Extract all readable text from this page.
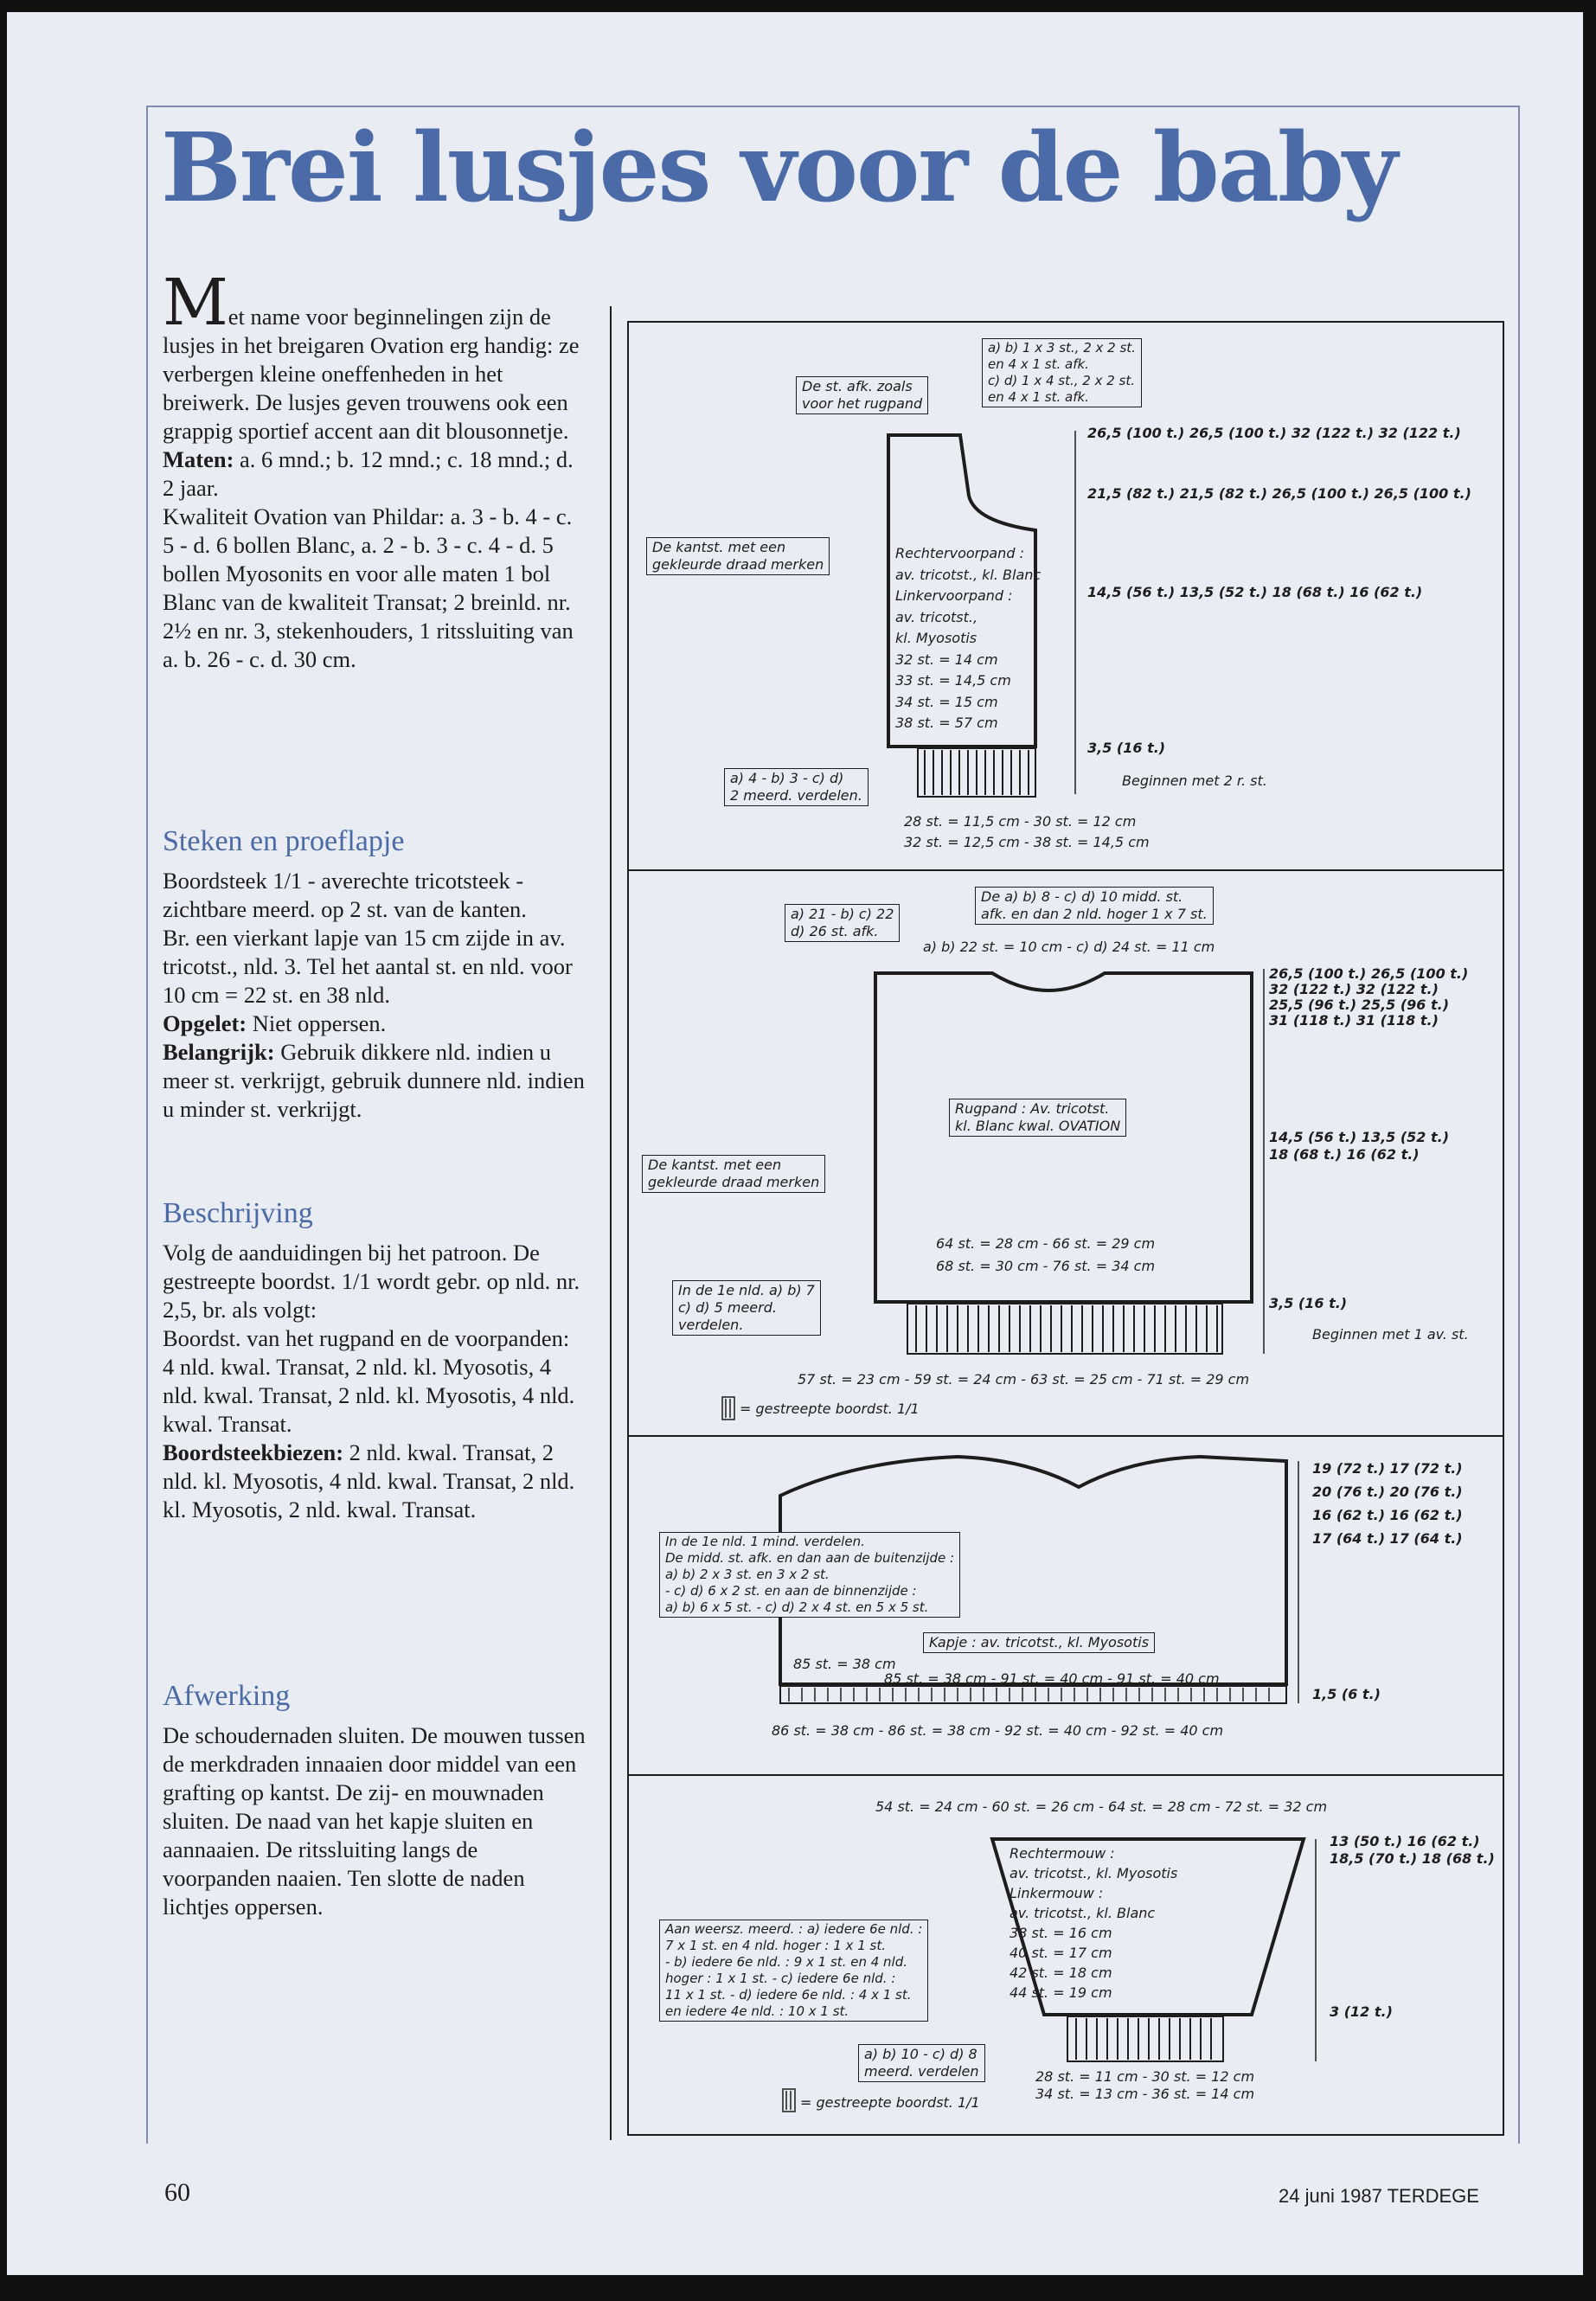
Brei lusjes voor de baby

Met name voor beginnelingen zijn de lusjes in het breigaren Ovation erg handig: ze verbergen kleine oneffenheden in het breiwerk. De lusjes geven trouwens ook een grappig sportief accent aan dit blousonnetje.

Maten: a. 6 mnd.; b. 12 mnd.; c. 18 mnd.; d. 2 jaar.

Kwaliteit Ovation van Phildar: a. 3 - b. 4 - c. 5 - d. 6 bollen Blanc, a. 2 - b. 3 - c. 4 - d. 5 bollen Myosonits en voor alle maten 1 bol Blanc van de kwaliteit Transat; 2 breinld. nr. 2½ en nr. 3, stekenhouders, 1 ritssluiting van a. b. 26 - c. d. 30 cm.

Steken en proeflapje

Boordsteek 1/1 - averechte tricotsteek - zichtbare meerd. op 2 st. van de kanten.

Br. een vierkant lapje van 15 cm zijde in av. tricotst., nld. 3. Tel het aantal st. en nld. voor 10 cm = 22 st. en 38 nld.

Opgelet: Niet oppersen.

Belangrijk: Gebruik dikkere nld. indien u meer st. verkrijgt, gebruik dunnere nld. indien u minder st. verkrijgt.

Beschrijving

Volg de aanduidingen bij het patroon. De gestreepte boordst. 1/1 wordt gebr. op nld. nr. 2,5, br. als volgt:

Boordst. van het rugpand en de voorpanden: 4 nld. kwal. Transat, 2 nld. kl. Myosotis, 4 nld. kwal. Transat, 2 nld. kl. Myosotis, 4 nld. kwal. Transat.

Boordsteekbiezen: 2 nld. kwal. Transat, 2 nld. kl. Myosotis, 4 nld. kwal. Transat, 2 nld. kl. Myosotis, 2 nld. kwal. Transat.

Afwerking

De schoudernaden sluiten. De mouwen tussen de merkdraden innaaien door middel van een grafting op kantst. De zij- en mouwnaden sluiten. De naad van het kapje sluiten en aannaaien. De ritssluiting langs de voorpanden naaien. Ten slotte de naden lichtjes oppersen.

De st. afk. zoals
voor het rugpand
a) b) 1 x 3 st., 2 x 2 st.
en 4 x 1 st. afk.
c) d) 1 x 4 st., 2 x 2 st.
en 4 x 1 st. afk.
De kantst. met een
gekleurde draad merken
Rechtervoorpand :
av. tricotst., kl. Blanc
Linkervoorpand :
av. tricotst.,
kl. Myosotis
32 st. = 14 cm
33 st. = 14,5 cm
34 st. = 15 cm
38 st. = 57 cm
26,5 (100 t.) 26,5 (100 t.) 32 (122 t.) 32 (122 t.)
21,5 (82 t.) 21,5 (82 t.) 26,5 (100 t.) 26,5 (100 t.)
14,5 (56 t.) 13,5 (52 t.) 18 (68 t.) 16 (62 t.)
3,5 (16 t.)
a) 4 - b) 3 - c) d)
2 meerd. verdelen.
Beginnen met 2 r. st.
28 st. = 11,5 cm - 30 st. = 12 cm
32 st. = 12,5 cm - 38 st. = 14,5 cm
a) 21 - b) c) 22
d) 26 st. afk.
De a) b) 8 - c) d) 10 midd. st.
afk. en dan 2 nld. hoger 1 x 7 st.
a) b) 22 st. = 10 cm - c) d) 24 st. = 11 cm
De kantst. met een
gekleurde draad merken
Rugpand : Av. tricotst.
kl. Blanc kwal. OVATION
26,5 (100 t.) 26,5 (100 t.)
32 (122 t.) 32 (122 t.)
25,5 (96 t.) 25,5 (96 t.)
31 (118 t.) 31 (118 t.)
14,5 (56 t.) 13,5 (52 t.)
18 (68 t.) 16 (62 t.)
3,5 (16 t.)
64 st. = 28 cm - 66 st. = 29 cm
68 st. = 30 cm - 76 st. = 34 cm
In de 1e nld. a) b) 7
c) d) 5 meerd.
verdelen.
Beginnen met 1 av. st.
57 st. = 23 cm - 59 st. = 24 cm - 63 st. = 25 cm - 71 st. = 29 cm
= gestreepte boordst. 1/1
19 (72 t.) 17 (72 t.)
20 (76 t.) 20 (76 t.)
16 (62 t.) 16 (62 t.)
17 (64 t.) 17 (64 t.)
1,5 (6 t.)
In de 1e nld. 1 mind. verdelen.
De midd. st. afk. en dan aan de buitenzijde :
a) b) 2 x 3 st. en 3 x 2 st.
- c) d) 6 x 2 st. en aan de binnenzijde :
a) b) 6 x 5 st. - c) d) 2 x 4 st. en 5 x 5 st.
Kapje : av. tricotst., kl. Myosotis
85 st. = 38 cm
85 st. = 38 cm - 91 st. = 40 cm - 91 st. = 40 cm
86 st. = 38 cm - 86 st. = 38 cm - 92 st. = 40 cm - 92 st. = 40 cm
54 st. = 24 cm - 60 st. = 26 cm - 64 st. = 28 cm - 72 st. = 32 cm
13 (50 t.) 16 (62 t.)
18,5 (70 t.) 18 (68 t.)
3 (12 t.)
Rechtermouw :
av. tricotst., kl. Myosotis
Linkermouw :
av. tricotst., kl. Blanc
38 st. = 16 cm
40 st. = 17 cm
42 st. = 18 cm
44 st. = 19 cm
Aan weersz. meerd. : a) iedere 6e nld. :
7 x 1 st. en 4 nld. hoger : 1 x 1 st.
- b) iedere 6e nld. : 9 x 1 st. en 4 nld.
hoger : 1 x 1 st. - c) iedere 6e nld. :
11 x 1 st. - d) iedere 6e nld. : 4 x 1 st.
en iedere 4e nld. : 10 x 1 st.
a) b) 10 - c) d) 8
meerd. verdelen	28 st. = 11 cm - 30 st. = 12 cm
34 st. = 13 cm - 36 st. = 14 cm
= gestreepte boordst. 1/1
60	24 juni 1987 TERDEGE
